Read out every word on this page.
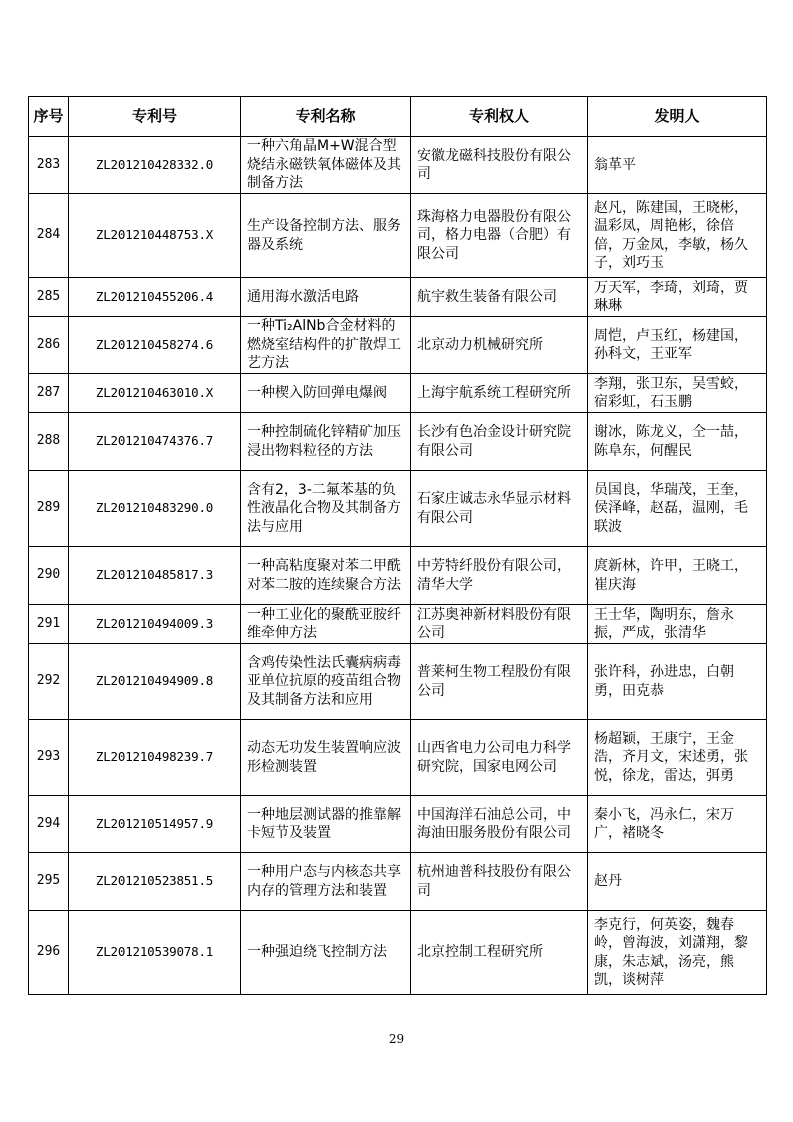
序号	专利号	专利名称	专利权人	发明人
283	ZL201210428332.0	一种六角晶M+W混合型烧结永磁铁氧体磁体及其制备方法	安徽龙磁科技股份有限公司	翁革平
284	ZL201210448753.X	生产设备控制方法、服务器及系统	珠海格力电器股份有限公司，格力电器（合肥）有限公司	赵凡，陈建国，王晓彬，温彩凤，周艳彬，徐倍倍，万金凤，李敏，杨久子，刘巧玉
285	ZL201210455206.4	通用海水激活电路	航宇救生装备有限公司	万天军，李琦，刘琦，贾琳琳
286	ZL201210458274.6	一种Ti₂AlNb合金材料的燃烧室结构件的扩散焊工艺方法	北京动力机械研究所	周恺，卢玉红，杨建国，孙科文，王亚军
287	ZL201210463010.X	一种楔入防回弹电爆阀	上海宇航系统工程研究所	李翔，张卫东，吴雪蛟，宿彩虹，石玉鹏
288	ZL201210474376.7	一种控制硫化锌精矿加压浸出物料粒径的方法	长沙有色冶金设计研究院有限公司	谢冰，陈龙义，仝一喆，陈阜东，何醒民
289	ZL201210483290.0	含有2，3-二氟苯基的负性液晶化合物及其制备方法与应用	石家庄诚志永华显示材料有限公司	员国良，华瑞茂，王奎，侯泽峰，赵磊，温刚，毛联波
290	ZL201210485817.3	一种高粘度聚对苯二甲酰对苯二胺的连续聚合方法	中芳特纤股份有限公司，清华大学	庹新林，许甲，王晓工，崔庆海
291	ZL201210494009.3	一种工业化的聚酰亚胺纤维牵伸方法	江苏奥神新材料股份有限公司	王士华，陶明东，詹永振，严成，张清华
292	ZL201210494909.8	含鸡传染性法氏囊病病毒亚单位抗原的疫苗组合物及其制备方法和应用	普莱柯生物工程股份有限公司	张许科，孙进忠，白朝勇，田克恭
293	ZL201210498239.7	动态无功发生装置响应波形检测装置	山西省电力公司电力科学研究院，国家电网公司	杨超颖，王康宁，王金浩，齐月文，宋述勇，张悦，徐龙，雷达，弭勇
294	ZL201210514957.9	一种地层测试器的推靠解卡短节及装置	中国海洋石油总公司，中海油田服务股份有限公司	秦小飞，冯永仁，宋万广，褚晓冬
295	ZL201210523851.5	一种用户态与内核态共享内存的管理方法和装置	杭州迪普科技股份有限公司	赵丹
296	ZL201210539078.1	一种强迫绕飞控制方法	北京控制工程研究所	李克行，何英姿，魏春岭，曾海波，刘潇翔，黎康，朱志斌，汤亮，熊凯，谈树萍
29
